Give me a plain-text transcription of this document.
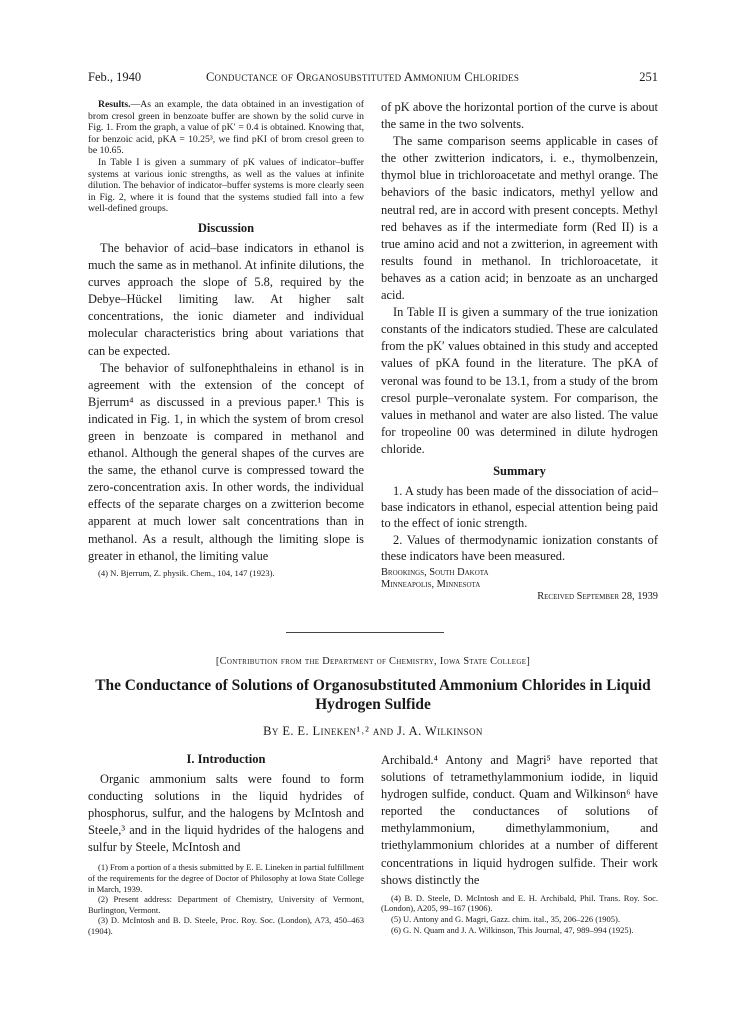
Feb., 1940	Conductance of Organosubstituted Ammonium Chlorides	251

Results.—As an example, the data obtained in an investigation of brom cresol green in benzoate buffer are shown by the solid curve in Fig. 1. From the graph, a value of pK′ = 0.4 is obtained. Knowing that, for benzoic acid, pKA = 10.25³, we find pKI of brom cresol green to be 10.65.

In Table I is given a summary of pK values of indicator–buffer systems at various ionic strengths, as well as the values at infinite dilution. The behavior of indicator–buffer systems is more clearly seen in Fig. 2, where it is found that the systems studied fall into a few well-defined groups.

Discussion

The behavior of acid–base indicators in ethanol is much the same as in methanol. At infinite dilutions, the curves approach the slope of 5.8, required by the Debye–Hückel limiting law. At higher salt concentrations, the ionic diameter and individual molecular characteristics bring about variations that can be expected.

The behavior of sulfonephthaleins in ethanol is in agreement with the extension of the concept of Bjerrum⁴ as discussed in a previous paper.¹ This is indicated in Fig. 1, in which the system of brom cresol green in benzoate is compared in methanol and ethanol. Although the general shapes of the curves are the same, the ethanol curve is compressed toward the zero-concentration axis. In other words, the individual effects of the separate charges on a zwitterion become apparent at much lower salt concentrations than in methanol. As a result, although the limiting slope is greater in ethanol, the limiting value

(4) N. Bjerrum, Z. physik. Chem., 104, 147 (1923).

of pK above the horizontal portion of the curve is about the same in the two solvents.

The same comparison seems applicable in cases of the other zwitterion indicators, i. e., thymolbenzein, thymol blue in trichloroacetate and methyl orange. The behaviors of the basic indicators, methyl yellow and neutral red, are in accord with present concepts. Methyl red behaves as if the intermediate form (Red II) is a true amino acid and not a zwitterion, in agreement with results found in methanol. In trichloroacetate, it behaves as a cation acid; in benzoate as an uncharged acid.

In Table II is given a summary of the true ionization constants of the indicators studied. These are calculated from the pK′ values obtained in this study and accepted values of pKA found in the literature. The pKA of veronal was found to be 13.1, from a study of the brom cresol purple–veronalate system. For comparison, the values in methanol and water are also listed. The value for tropeoline 00 was determined in dilute hydrogen chloride.

Summary

1. A study has been made of the dissociation of acid–base indicators in ethanol, especial attention being paid to the effect of ionic strength.

2. Values of thermodynamic ionization constants of these indicators have been measured.

Brookings, South Dakota

Minneapolis, Minnesota

Received September 28, 1939

[Contribution from the Department of Chemistry, Iowa State College]
The Conductance of Solutions of Organosubstituted Ammonium Chlorides in Liquid Hydrogen Sulfide
By E. E. Lineken¹˒² and J. A. Wilkinson
I. Introduction

Organic ammonium salts were found to form conducting solutions in the liquid hydrides of phosphorus, sulfur, and the halogens by McIntosh and Steele,³ and in the liquid hydrides of the halogens and sulfur by Steele, McIntosh and

(1) From a portion of a thesis submitted by E. E. Lineken in partial fulfillment of the requirements for the degree of Doctor of Philosophy at Iowa State College in March, 1939.

(2) Present address: Department of Chemistry, University of Vermont, Burlington, Vermont.

(3) D. McIntosh and B. D. Steele, Proc. Roy. Soc. (London), A73, 450–463 (1904).

Archibald.⁴ Antony and Magri⁵ have reported that solutions of tetramethylammonium iodide, in liquid hydrogen sulfide, conduct. Quam and Wilkinson⁶ have reported the conductances of solutions of methylammonium, dimethylammonium, and triethylammonium chlorides at a number of different concentrations in liquid hydrogen sulfide. Their work shows distinctly the

(4) B. D. Steele, D. McIntosh and E. H. Archibald, Phil. Trans. Roy. Soc. (London), A205, 99–167 (1906).

(5) U. Antony and G. Magri, Gazz. chim. ital., 35, 206–226 (1905).

(6) G. N. Quam and J. A. Wilkinson, This Journal, 47, 989–994 (1925).
